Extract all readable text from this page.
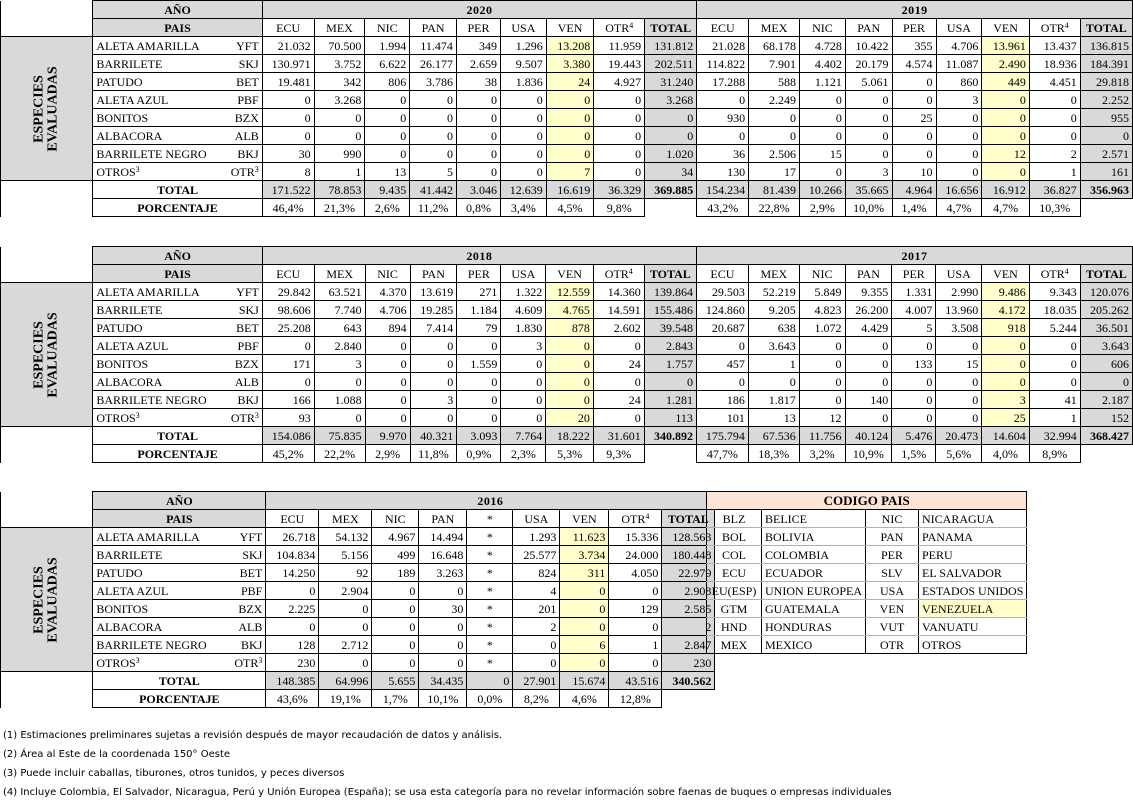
	AÑO		2020									2019								
	PAIS		ECU	MEX	NIC	PAN	PER	USA	VEN	OTR$^4$	TOTAL	ECU	MEX	NIC	PAN	PER	USA	VEN	OTR$^4$	TOTAL
ESPECIES
EVALUADAS	ALETA AMARILLA	YFT	21.032	70.500	1.994	11.474	349	1.296	13.208	11.959	131.812	21.028	68.178	4.728	10.422	355	4.706	13.961	13.437	136.815
	BARRILETE	SKJ	130.971	3.752	6.622	26.177	2.659	9.507	3.380	19.443	202.511	114.822	7.901	4.402	20.179	4.574	11.087	2.490	18.936	184.391
	PATUDO	BET	19.481	342	806	3.786	38	1.836	24	4.927	31.240	17.288	588	1.121	5.061	0	860	449	4.451	29.818
	ALETA AZUL	PBF	0	3.268	0	0	0	0	0	0	3.268	0	2.249	0	0	0	3	0	0	2.252
	BONITOS	BZX	0	0	0	0	0	0	0	0	0	930	0	0	0	25	0	0	0	955
	ALBACORA	ALB	0	0	0	0	0	0	0	0	0	0	0	0	0	0	0	0	0	0
	BARRILETE NEGRO	BKJ	30	990	0	0	0	0	0	0	1.020	36	2.506	15	0	0	0	12	2	2.571
	OTROS$^3$	OTR$^3$	8	1	13	5	0	0	7	0	34	130	17	0	3	10	0	0	1	161
	TOTAL		171.522	78.853	9.435	41.442	3.046	12.639	16.619	36.329	369.885	154.234	81.439	10.266	35.665	4.964	16.656	16.912	36.827	356.963
	PORCENTAJE		46,4%	21,3%	2,6%	11,2%	0,8%	3,4%	4,5%	9,8%		43,2%	22,8%	2,9%	10,0%	1,4%	4,7%	4,7%	10,3%	
	AÑO		2018									2017								
	PAIS		ECU	MEX	NIC	PAN	PER	USA	VEN	OTR$^4$	TOTAL	ECU	MEX	NIC	PAN	PER	USA	VEN	OTR$^4$	TOTAL
ESPECIES
EVALUADAS	ALETA AMARILLA	YFT	29.842	63.521	4.370	13.619	271	1.322	12.559	14.360	139.864	29.503	52.219	5.849	9.355	1.331	2.990	9.486	9.343	120.076
	BARRILETE	SKJ	98.606	7.740	4.706	19.285	1.184	4.609	4.765	14.591	155.486	124.860	9.205	4.823	26.200	4.007	13.960	4.172	18.035	205.262
	PATUDO	BET	25.208	643	894	7.414	79	1.830	878	2.602	39.548	20.687	638	1.072	4.429	5	3.508	918	5.244	36.501
	ALETA AZUL	PBF	0	2.840	0	0	0	3	0	0	2.843	0	3.643	0	0	0	0	0	0	3.643
	BONITOS	BZX	171	3	0	0	1.559	0	0	24	1.757	457	1	0	0	133	15	0	0	606
	ALBACORA	ALB	0	0	0	0	0	0	0	0	0	0	0	0	0	0	0	0	0	0
	BARRILETE NEGRO	BKJ	166	1.088	0	3	0	0	0	24	1.281	186	1.817	0	140	0	0	3	41	2.187
	OTROS$^3$	OTR$^3$	93	0	0	0	0	0	20	0	113	101	13	12	0	0	0	25	1	152
	TOTAL		154.086	75.835	9.970	40.321	3.093	7.764	18.222	31.601	340.892	175.794	67.536	11.756	40.124	5.476	20.473	14.604	32.994	368.427
	PORCENTAJE		45,2%	22,2%	2,9%	11,8%	0,9%	2,3%	5,3%	9,3%		47,7%	18,3%	3,2%	10,9%	1,5%	5,6%	4,0%	8,9%	
	AÑO		2016								
	PAIS		ECU	MEX	NIC	PAN	*	USA	VEN	OTR$^4$	TOTAL
ESPECIES
EVALUADAS	ALETA AMARILLA	YFT	26.718	54.132	4.967	14.494	*	1.293	11.623	15.336	128.563
	BARRILETE	SKJ	104.834	5.156	499	16.648	*	25.577	3.734	24.000	180.448
	PATUDO	BET	14.250	92	189	3.263	*	824	311	4.050	22.979
	ALETA AZUL	PBF	0	2.904	0	0	*	4	0	0	2.908
	BONITOS	BZX	2.225	0	0	30	*	201	0	129	2.585
	ALBACORA	ALB	0	0	0	0	*	2	0	0	2
	BARRILETE NEGRO	BKJ	128	2.712	0	0	*	0	6	1	2.847
	OTROS$^3$	OTR$^3$	230	0	0	0	*	0	0	0	230
	TOTAL		148.385	64.996	5.655	34.435	0	27.901	15.674	43.516	340.562
	PORCENTAJE		43,6%	19,1%	1,7%	10,1%	0,0%	8,2%	4,6%	12,8%	
CODIGO PAIS			
BLZ	BELICE	NIC	NICARAGUA
BOL	BOLIVIA	PAN	PANAMA
COL	COLOMBIA	PER	PERU
ECU	ECUADOR	SLV	EL SALVADOR
EU(ESP)	UNION EUROPEA	USA	ESTADOS UNIDOS
GTM	GUATEMALA	VEN	VENEZUELA
HND	HONDURAS	VUT	VANUATU
MEX	MEXICO	OTR	OTROS
(1) Estimaciones preliminares sujetas a revisión después de mayor recaudación de datos y análisis.
(2) Área al Este de la coordenada 150° Oeste
(3) Puede incluir caballas, tiburones, otros tunidos, y peces diversos
(4) Incluye Colombia, El Salvador, Nicaragua, Perú y Unión Europea (España); se usa esta categoría para no revelar información sobre faenas de buques o empresas individuales
